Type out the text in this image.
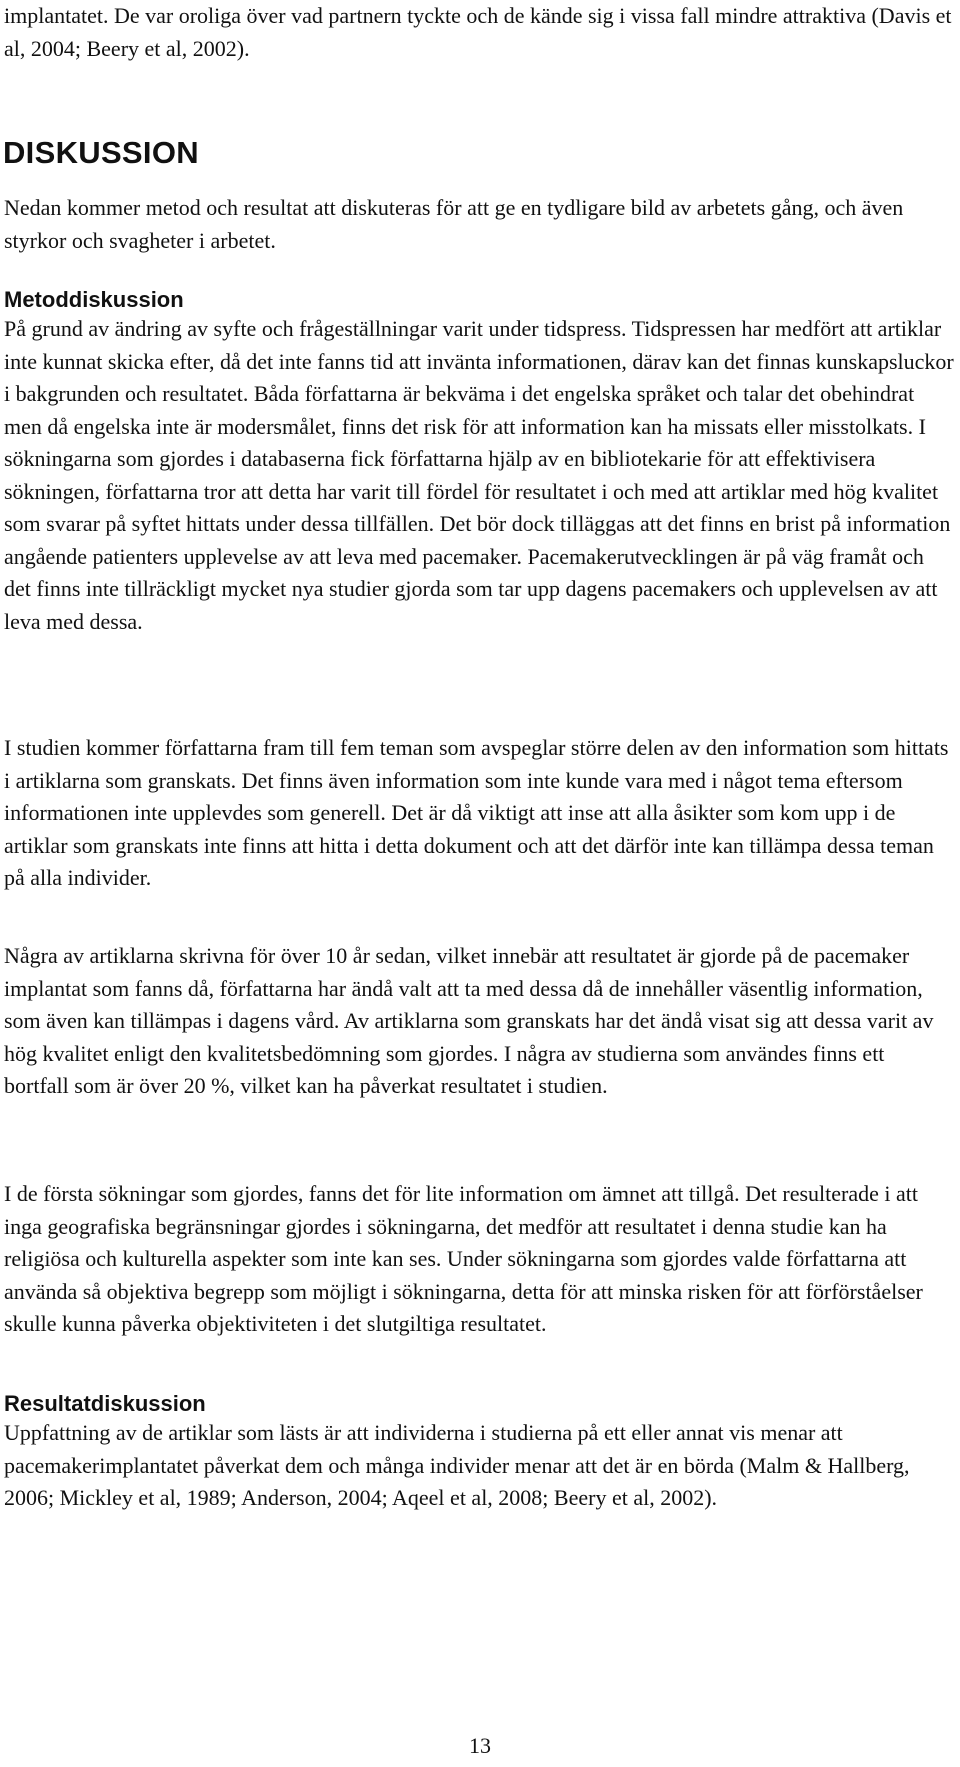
implantatet. De var oroliga över vad partnern tyckte och de kände sig i vissa fall mindre attraktiva (Davis et al, 2004; Beery et al, 2002).

DISKUSSION

Nedan kommer metod och resultat att diskuteras för att ge en tydligare bild av arbetets gång, och även styrkor och svagheter i arbetet.

Metoddiskussion

På grund av ändring av syfte och frågeställningar varit under tidspress. Tidspressen har medfört att artiklar inte kunnat skicka efter, då det inte fanns tid att invänta informationen, därav kan det finnas kunskapsluckor i bakgrunden och resultatet. Båda författarna är bekväma i det engelska språket och talar det obehindrat men då engelska inte är modersmålet, finns det risk för att information kan ha missats eller misstolkats. I sökningarna som gjordes i databaserna fick författarna hjälp av en bibliotekarie för att effektivisera sökningen, författarna tror att detta har varit till fördel för resultatet i och med att artiklar med hög kvalitet som svarar på syftet hittats under dessa tillfällen. Det bör dock tilläggas att det finns en brist på information angående patienters upplevelse av att leva med pacemaker. Pacemakerutvecklingen är på väg framåt och det finns inte tillräckligt mycket nya studier gjorda som tar upp dagens pacemakers och upplevelsen av att leva med dessa.

I studien kommer författarna fram till fem teman som avspeglar större delen av den information som hittats i artiklarna som granskats. Det finns även information som inte kunde vara med i något tema eftersom informationen inte upplevdes som generell. Det är då viktigt att inse att alla åsikter som kom upp i de artiklar som granskats inte finns att hitta i detta dokument och att det därför inte kan tillämpa dessa teman på alla individer.

Några av artiklarna skrivna för över 10 år sedan, vilket innebär att resultatet är gjorde på de pacemaker implantat som fanns då, författarna har ändå valt att ta med dessa då de innehåller väsentlig information, som även kan tillämpas i dagens vård. Av artiklarna som granskats har det ändå visat sig att dessa varit av hög kvalitet enligt den kvalitetsbedömning som gjordes. I några av studierna som användes finns ett bortfall som är över 20 %, vilket kan ha påverkat resultatet i studien.

I de första sökningar som gjordes, fanns det för lite information om ämnet att tillgå. Det resulterade i att inga geografiska begränsningar gjordes i sökningarna, det medför att resultatet i denna studie kan ha religiösa och kulturella aspekter som inte kan ses. Under sökningarna som gjordes valde författarna att använda så objektiva begrepp som möjligt i sökningarna, detta för att minska risken för att förförståelser skulle kunna påverka objektiviteten i det slutgiltiga resultatet.

Resultatdiskussion

Uppfattning av de artiklar som lästs är att individerna i studierna på ett eller annat vis menar att pacemakerimplantatet påverkat dem och många individer menar att det är en börda (Malm & Hallberg, 2006; Mickley et al, 1989; Anderson, 2004; Aqeel et al, 2008; Beery et al, 2002).

13
